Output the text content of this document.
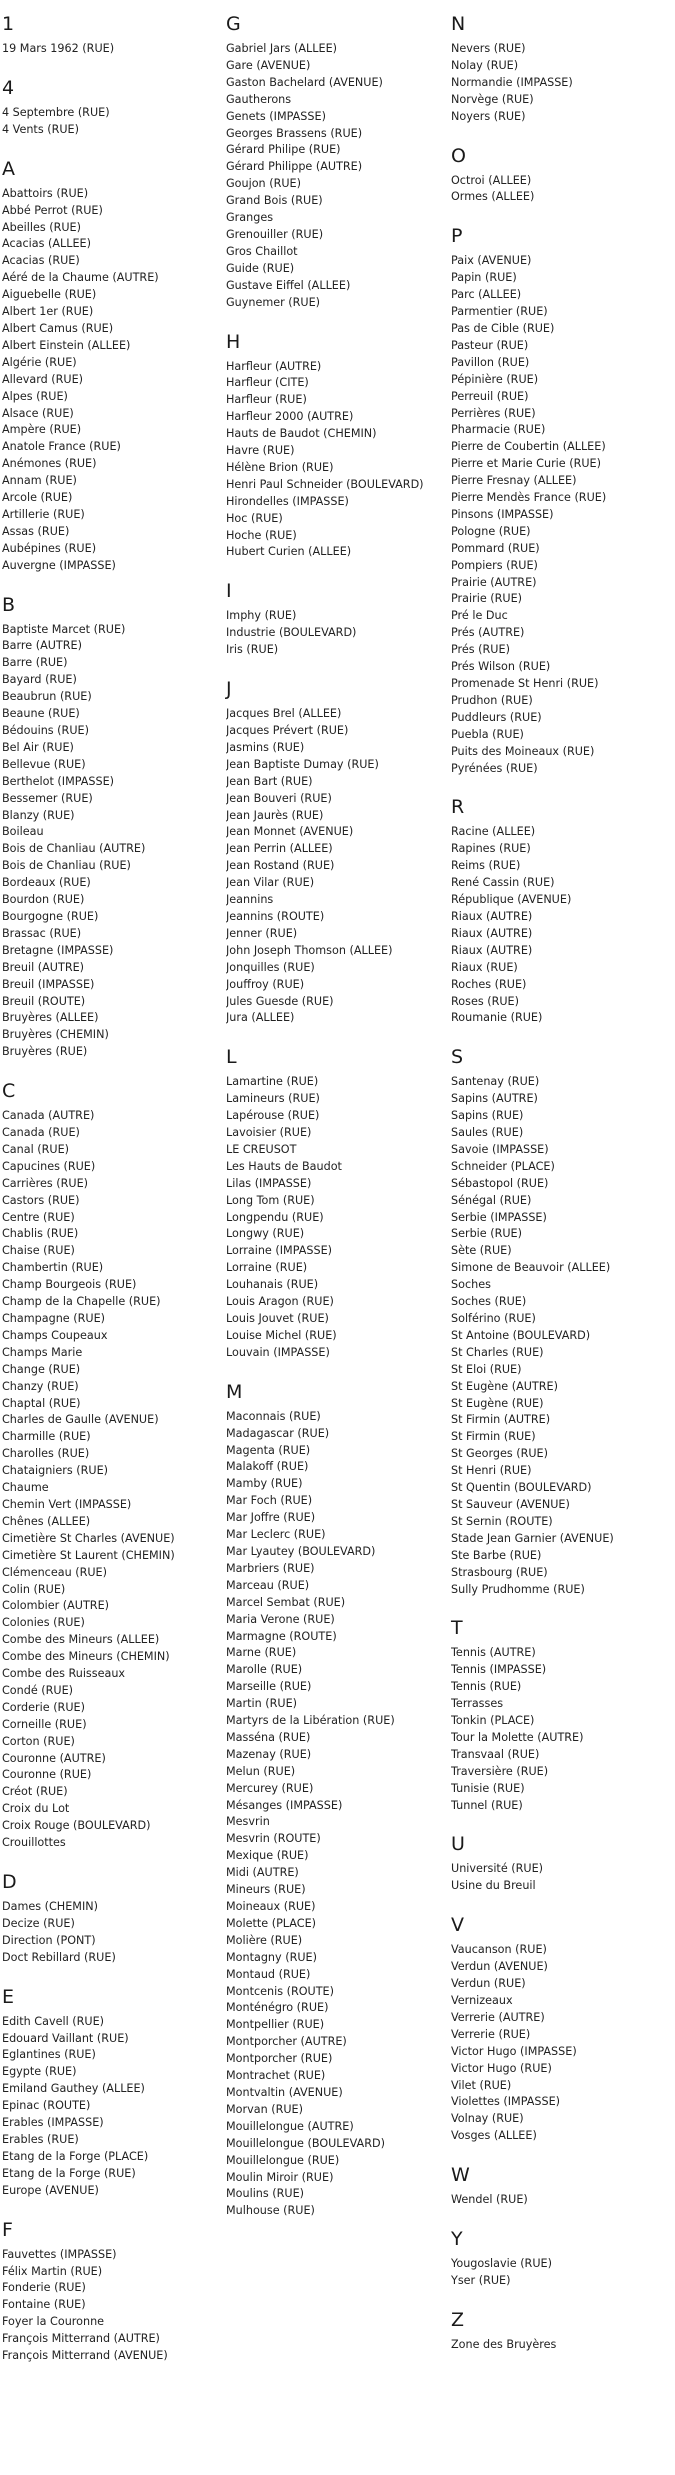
1
19 Mars 1962 (RUE)
4
4 Septembre (RUE)
4 Vents (RUE)
A
Abattoirs (RUE)
Abbé Perrot (RUE)
Abeilles (RUE)
Acacias (ALLEE)
Acacias (RUE)
Aéré de la Chaume (AUTRE)
Aiguebelle (RUE)
Albert 1er (RUE)
Albert Camus (RUE)
Albert Einstein (ALLEE)
Algérie (RUE)
Allevard (RUE)
Alpes (RUE)
Alsace (RUE)
Ampère (RUE)
Anatole France (RUE)
Anémones (RUE)
Annam (RUE)
Arcole (RUE)
Artillerie (RUE)
Assas (RUE)
Aubépines (RUE)
Auvergne (IMPASSE)
B
Baptiste Marcet (RUE)
Barre (AUTRE)
Barre (RUE)
Bayard (RUE)
Beaubrun (RUE)
Beaune (RUE)
Bédouins (RUE)
Bel Air (RUE)
Bellevue (RUE)
Berthelot (IMPASSE)
Bessemer (RUE)
Blanzy (RUE)
Boileau
Bois de Chanliau (AUTRE)
Bois de Chanliau (RUE)
Bordeaux (RUE)
Bourdon (RUE)
Bourgogne (RUE)
Brassac (RUE)
Bretagne (IMPASSE)
Breuil (AUTRE)
Breuil (IMPASSE)
Breuil (ROUTE)
Bruyères (ALLEE)
Bruyères (CHEMIN)
Bruyères (RUE)
C
Canada (AUTRE)
Canada (RUE)
Canal (RUE)
Capucines (RUE)
Carrières (RUE)
Castors (RUE)
Centre (RUE)
Chablis (RUE)
Chaise (RUE)
Chambertin (RUE)
Champ Bourgeois (RUE)
Champ de la Chapelle (RUE)
Champagne (RUE)
Champs Coupeaux
Champs Marie
Change (RUE)
Chanzy (RUE)
Chaptal (RUE)
Charles de Gaulle (AVENUE)
Charmille (RUE)
Charolles (RUE)
Chataigniers (RUE)
Chaume
Chemin Vert (IMPASSE)
Chênes (ALLEE)
Cimetière St Charles (AVENUE)
Cimetière St Laurent (CHEMIN)
Clémenceau (RUE)
Colin (RUE)
Colombier (AUTRE)
Colonies (RUE)
Combe des Mineurs (ALLEE)
Combe des Mineurs (CHEMIN)
Combe des Ruisseaux
Condé (RUE)
Corderie (RUE)
Corneille (RUE)
Corton (RUE)
Couronne (AUTRE)
Couronne (RUE)
Créot (RUE)
Croix du Lot
Croix Rouge (BOULEVARD)
Crouillottes
D
Dames (CHEMIN)
Decize (RUE)
Direction (PONT)
Doct Rebillard (RUE)
E
Edith Cavell (RUE)
Edouard Vaillant (RUE)
Eglantines (RUE)
Egypte (RUE)
Emiland Gauthey (ALLEE)
Epinac (ROUTE)
Erables (IMPASSE)
Erables (RUE)
Etang de la Forge (PLACE)
Etang de la Forge (RUE)
Europe (AVENUE)
F
Fauvettes (IMPASSE)
Félix Martin (RUE)
Fonderie (RUE)
Fontaine (RUE)
Foyer la Couronne
François Mitterrand (AUTRE)
François Mitterrand (AVENUE)
G
Gabriel Jars (ALLEE)
Gare (AVENUE)
Gaston Bachelard (AVENUE)
Gautherons
Genets (IMPASSE)
Georges Brassens (RUE)
Gérard Philipe (RUE)
Gérard Philippe (AUTRE)
Goujon (RUE)
Grand Bois (RUE)
Granges
Grenouiller (RUE)
Gros Chaillot
Guide (RUE)
Gustave Eiffel (ALLEE)
Guynemer (RUE)
H
Harfleur (AUTRE)
Harfleur (CITE)
Harfleur (RUE)
Harfleur 2000 (AUTRE)
Hauts de Baudot (CHEMIN)
Havre (RUE)
Hélène Brion (RUE)
Henri Paul Schneider (BOULEVARD)
Hirondelles (IMPASSE)
Hoc (RUE)
Hoche (RUE)
Hubert Curien (ALLEE)
I
Imphy (RUE)
Industrie (BOULEVARD)
Iris (RUE)
J
Jacques Brel (ALLEE)
Jacques Prévert (RUE)
Jasmins (RUE)
Jean Baptiste Dumay (RUE)
Jean Bart (RUE)
Jean Bouveri (RUE)
Jean Jaurès (RUE)
Jean Monnet (AVENUE)
Jean Perrin (ALLEE)
Jean Rostand (RUE)
Jean Vilar (RUE)
Jeannins
Jeannins (ROUTE)
Jenner (RUE)
John Joseph Thomson (ALLEE)
Jonquilles (RUE)
Jouffroy (RUE)
Jules Guesde (RUE)
Jura (ALLEE)
L
Lamartine (RUE)
Lamineurs (RUE)
Lapérouse (RUE)
Lavoisier (RUE)
LE CREUSOT
Les Hauts de Baudot
Lilas (IMPASSE)
Long Tom (RUE)
Longpendu (RUE)
Longwy (RUE)
Lorraine (IMPASSE)
Lorraine (RUE)
Louhanais (RUE)
Louis Aragon (RUE)
Louis Jouvet (RUE)
Louise Michel (RUE)
Louvain (IMPASSE)
M
Maconnais (RUE)
Madagascar (RUE)
Magenta (RUE)
Malakoff (RUE)
Mamby (RUE)
Mar Foch (RUE)
Mar Joffre (RUE)
Mar Leclerc (RUE)
Mar Lyautey (BOULEVARD)
Marbriers (RUE)
Marceau (RUE)
Marcel Sembat (RUE)
Maria Verone (RUE)
Marmagne (ROUTE)
Marne (RUE)
Marolle (RUE)
Marseille (RUE)
Martin (RUE)
Martyrs de la Libération (RUE)
Masséna (RUE)
Mazenay (RUE)
Melun (RUE)
Mercurey (RUE)
Mésanges (IMPASSE)
Mesvrin
Mesvrin (ROUTE)
Mexique (RUE)
Midi (AUTRE)
Mineurs (RUE)
Moineaux (RUE)
Molette (PLACE)
Molière (RUE)
Montagny (RUE)
Montaud (RUE)
Montcenis (ROUTE)
Monténégro (RUE)
Montpellier (RUE)
Montporcher (AUTRE)
Montporcher (RUE)
Montrachet (RUE)
Montvaltin (AVENUE)
Morvan (RUE)
Mouillelongue (AUTRE)
Mouillelongue (BOULEVARD)
Mouillelongue (RUE)
Moulin Miroir (RUE)
Moulins (RUE)
Mulhouse (RUE)
N
Nevers (RUE)
Nolay (RUE)
Normandie (IMPASSE)
Norvège (RUE)
Noyers (RUE)
O
Octroi (ALLEE)
Ormes (ALLEE)
P
Paix (AVENUE)
Papin (RUE)
Parc (ALLEE)
Parmentier (RUE)
Pas de Cible (RUE)
Pasteur (RUE)
Pavillon (RUE)
Pépinière (RUE)
Perreuil (RUE)
Perrières (RUE)
Pharmacie (RUE)
Pierre de Coubertin (ALLEE)
Pierre et Marie Curie (RUE)
Pierre Fresnay (ALLEE)
Pierre Mendès France (RUE)
Pinsons (IMPASSE)
Pologne (RUE)
Pommard (RUE)
Pompiers (RUE)
Prairie (AUTRE)
Prairie (RUE)
Pré le Duc
Prés (AUTRE)
Prés (RUE)
Prés Wilson (RUE)
Promenade St Henri (RUE)
Prudhon (RUE)
Puddleurs (RUE)
Puebla (RUE)
Puits des Moineaux (RUE)
Pyrénées (RUE)
R
Racine (ALLEE)
Rapines (RUE)
Reims (RUE)
René Cassin (RUE)
République (AVENUE)
Riaux (AUTRE)
Riaux (AUTRE)
Riaux (AUTRE)
Riaux (RUE)
Roches (RUE)
Roses (RUE)
Roumanie (RUE)
S
Santenay (RUE)
Sapins (AUTRE)
Sapins (RUE)
Saules (RUE)
Savoie (IMPASSE)
Schneider (PLACE)
Sébastopol (RUE)
Sénégal (RUE)
Serbie (IMPASSE)
Serbie (RUE)
Sète (RUE)
Simone de Beauvoir (ALLEE)
Soches
Soches (RUE)
Solférino (RUE)
St Antoine (BOULEVARD)
St Charles (RUE)
St Eloi (RUE)
St Eugène (AUTRE)
St Eugène (RUE)
St Firmin (AUTRE)
St Firmin (RUE)
St Georges (RUE)
St Henri (RUE)
St Quentin (BOULEVARD)
St Sauveur (AVENUE)
St Sernin (ROUTE)
Stade Jean Garnier (AVENUE)
Ste Barbe (RUE)
Strasbourg (RUE)
Sully Prudhomme (RUE)
T
Tennis (AUTRE)
Tennis (IMPASSE)
Tennis (RUE)
Terrasses
Tonkin (PLACE)
Tour la Molette (AUTRE)
Transvaal (RUE)
Traversière (RUE)
Tunisie (RUE)
Tunnel (RUE)
U
Université (RUE)
Usine du Breuil
V
Vaucanson (RUE)
Verdun (AVENUE)
Verdun (RUE)
Vernizeaux
Verrerie (AUTRE)
Verrerie (RUE)
Victor Hugo (IMPASSE)
Victor Hugo (RUE)
Vilet (RUE)
Violettes (IMPASSE)
Volnay (RUE)
Vosges (ALLEE)
W
Wendel (RUE)
Y
Yougoslavie (RUE)
Yser (RUE)
Z
Zone des Bruyères
